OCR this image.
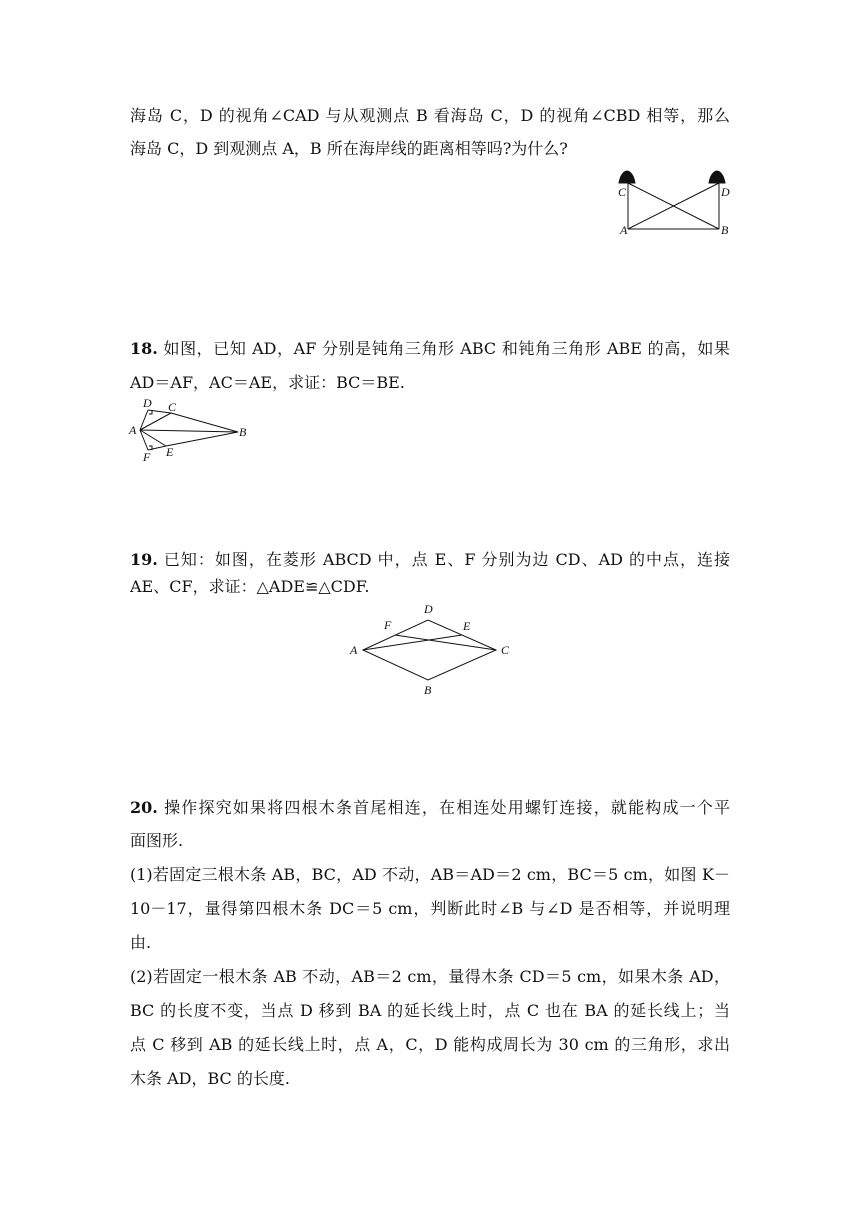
海岛 C，D 的视角∠CAD 与从观测点 B 看海岛 C，D 的视角∠CBD 相等，那么
海岛 C，D 到观测点 A，B 所在海岸线的距离相等吗?为什么?
C	D
A	B
18. 如图，已知 AD，AF 分别是钝角三角形 ABC 和钝角三角形 ABE 的高，如果
AD＝AF，AC＝AE，求证：BC＝BE.
D C
A	B
F E
19. 已知：如图，在菱形 ABCD 中，点 E、F 分别为边 CD、AD 的中点，连接
AE、CF，求证：△ADE≌△CDF.
D
F	E
A	C
B
20. 操作探究如果将四根木条首尾相连，在相连处用螺钉连接，就能构成一个平
面图形.
(1)若固定三根木条 AB，BC，AD 不动，AB＝AD＝2 cm，BC＝5 cm，如图 K－
10－17，量得第四根木条 DC＝5 cm，判断此时∠B 与∠D 是否相等，并说明理
由.
(2)若固定一根木条 AB 不动，AB＝2 cm，量得木条 CD＝5 cm，如果木条 AD，
BC 的长度不变，当点 D 移到 BA 的延长线上时，点 C 也在 BA 的延长线上；当
点 C 移到 AB 的延长线上时，点 A，C，D 能构成周长为 30 cm 的三角形，求出
木条 AD，BC 的长度.
